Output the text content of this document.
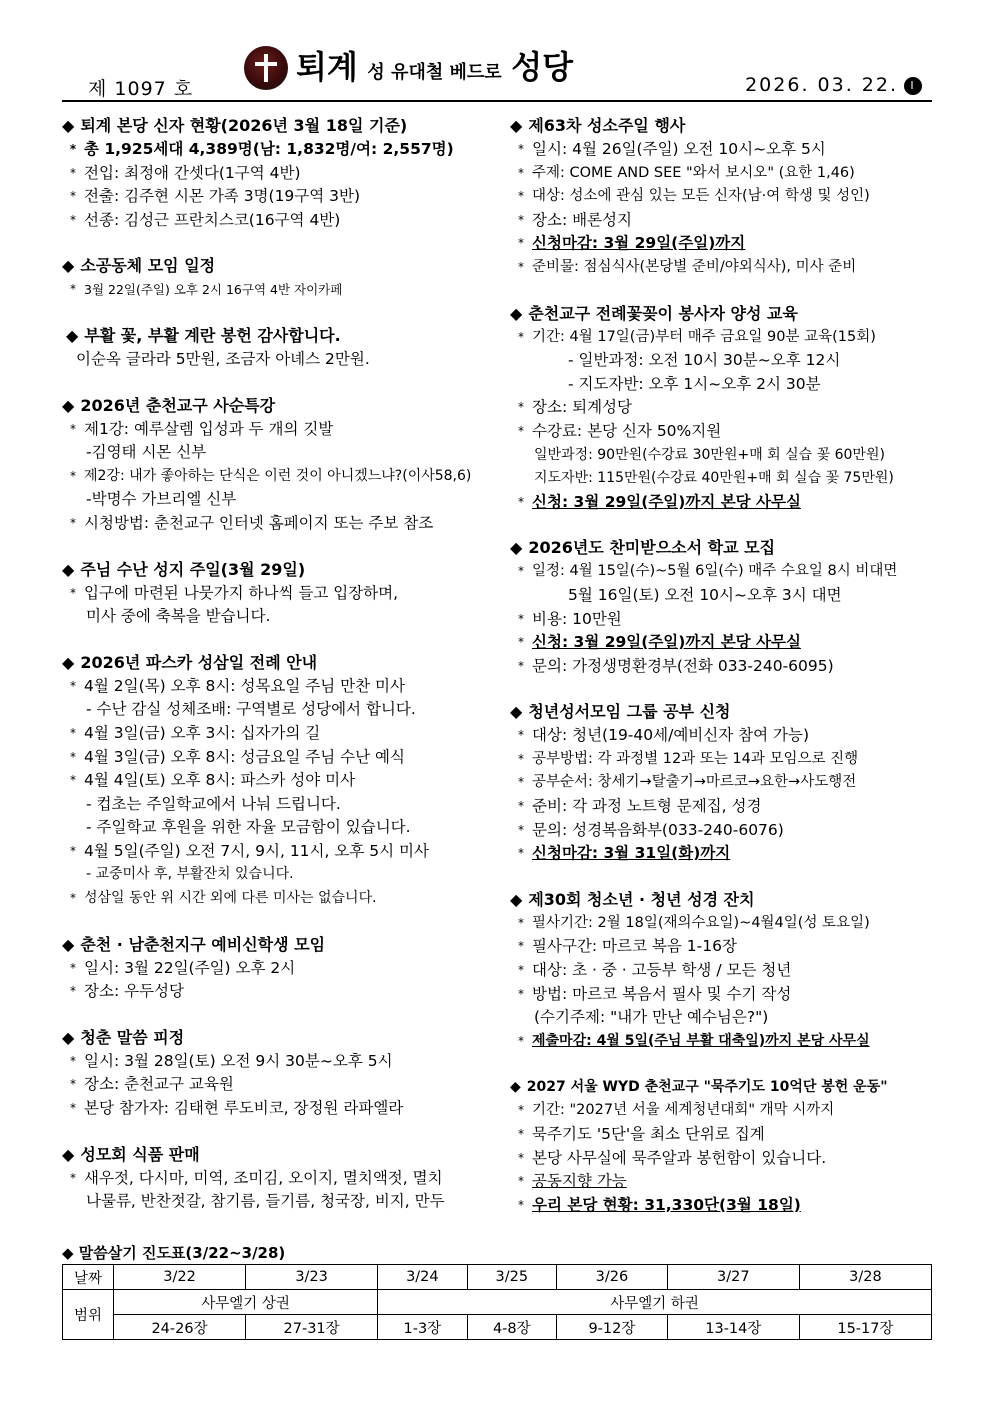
제 1097 호
퇴계 성 유대철 베드로 성당	2026. 03. 22. I
◆ 퇴계 본당 신자 현황(2026년 3월 18일 기준)
* 총 1,925세대 4,389명(남: 1,832명/여: 2,557명)
* 전입: 최정애 간셋다(1구역 4반)
* 전출: 김주현 시몬 가족 3명(19구역 3반)
* 선종: 김성근 프란치스코(16구역 4반)
◆ 소공동체 모임 일정
* 3월 22일(주일) 오후 2시 16구역 4반 자이카페
◆ 부활 꽃, 부활 계란 봉헌 감사합니다.
이순옥 글라라 5만원, 조금자 아녜스 2만원.
◆ 2026년 춘천교구 사순특강
* 제1강: 예루살렘 입성과 두 개의 깃발
-김영태 시몬 신부
* 제2강: 내가 좋아하는 단식은 이런 것이 아니겠느냐?(이사58,6)
-박명수 가브리엘 신부
* 시청방법: 춘천교구 인터넷 홈페이지 또는 주보 참조
◆ 주님 수난 성지 주일(3월 29일)
* 입구에 마련된 나뭇가지 하나씩 들고 입장하며,
미사 중에 축복을 받습니다.
◆ 2026년 파스카 성삼일 전례 안내
* 4월 2일(목) 오후 8시: 성목요일 주님 만찬 미사
- 수난 감실 성체조배: 구역별로 성당에서 합니다.
* 4월 3일(금) 오후 3시: 십자가의 길
* 4월 3일(금) 오후 8시: 성금요일 주님 수난 예식
* 4월 4일(토) 오후 8시: 파스카 성야 미사
- 컵초는 주일학교에서 나눠 드립니다.
- 주일학교 후원을 위한 자율 모금함이 있습니다.
* 4월 5일(주일) 오전 7시, 9시, 11시, 오후 5시 미사
- 교중미사 후, 부활잔치 있습니다.
* 성삼일 동안 위 시간 외에 다른 미사는 없습니다.
◆ 춘천 · 남춘천지구 예비신학생 모임
* 일시: 3월 22일(주일) 오후 2시
* 장소: 우두성당
◆ 청춘 말씀 피정
* 일시: 3월 28일(토) 오전 9시 30분~오후 5시
* 장소: 춘천교구 교육원
* 본당 참가자: 김태현 루도비코, 장정원 라파엘라
◆ 성모회 식품 판매
* 새우젓, 다시마, 미역, 조미김, 오이지, 멸치액젓, 멸치
나물류, 반찬젓갈, 참기름, 들기름, 청국장, 비지, 만두
◆ 제63차 성소주일 행사
* 일시: 4월 26일(주일) 오전 10시~오후 5시
* 주제: COME AND SEE "와서 보시오" (요한 1,46)
* 대상: 성소에 관심 있는 모든 신자(남·여 학생 및 성인)
* 장소: 배론성지
* 신청마감: 3월 29일(주일)까지
* 준비물: 점심식사(본당별 준비/야외식사), 미사 준비
◆ 춘천교구 전례꽃꽂이 봉사자 양성 교육
* 기간: 4월 17일(금)부터 매주 금요일 90분 교육(15회)
- 일반과정: 오전 10시 30분~오후 12시
- 지도자반: 오후 1시~오후 2시 30분
* 장소: 퇴계성당
* 수강료: 본당 신자 50%지원
일반과정: 90만원(수강료 30만원+매 회 실습 꽃 60만원)
지도자반: 115만원(수강료 40만원+매 회 실습 꽃 75만원)
* 신청: 3월 29일(주일)까지 본당 사무실
◆ 2026년도 찬미받으소서 학교 모집
* 일정: 4월 15일(수)~5월 6일(수) 매주 수요일 8시 비대면
5월 16일(토) 오전 10시~오후 3시 대면
* 비용: 10만원
* 신청: 3월 29일(주일)까지 본당 사무실
* 문의: 가정생명환경부(전화 033-240-6095)
◆ 청년성서모임 그룹 공부 신청
* 대상: 청년(19-40세/예비신자 참여 가능)
* 공부방법: 각 과정별 12과 또는 14과 모임으로 진행
* 공부순서: 창세기→탈출기→마르코→요한→사도행전
* 준비: 각 과정 노트형 문제집, 성경
* 문의: 성경복음화부(033-240-6076)
* 신청마감: 3월 31일(화)까지
◆ 제30회 청소년 · 청년 성경 잔치
* 필사기간: 2월 18일(재의수요일)~4월4일(성 토요일)
* 필사구간: 마르코 복음 1-16장
* 대상: 초 · 중 · 고등부 학생 / 모든 청년
* 방법: 마르코 복음서 필사 및 수기 작성
(수기주제: "내가 만난 예수님은?")
* 제출마감: 4월 5일(주님 부활 대축일)까지 본당 사무실
◆ 2027 서울 WYD 춘천교구 "묵주기도 10억단 봉헌 운동"
* 기간: "2027년 서울 세계청년대회" 개막 시까지
* 묵주기도 '5단'을 최소 단위로 집계
* 본당 사무실에 묵주알과 봉헌함이 있습니다.
* 공동지향 가능
* 우리 본당 현황: 31,330단(3월 18일)
◆ 말씀살기 진도표(3/22~3/28)
날짜	3/22	3/23	3/24	3/25	3/26	3/27	3/28
범위	사무엘기 상권		사무엘기 하권				
	24-26장	27-31장	1-3장	4-8장	9-12장	13-14장	15-17장
